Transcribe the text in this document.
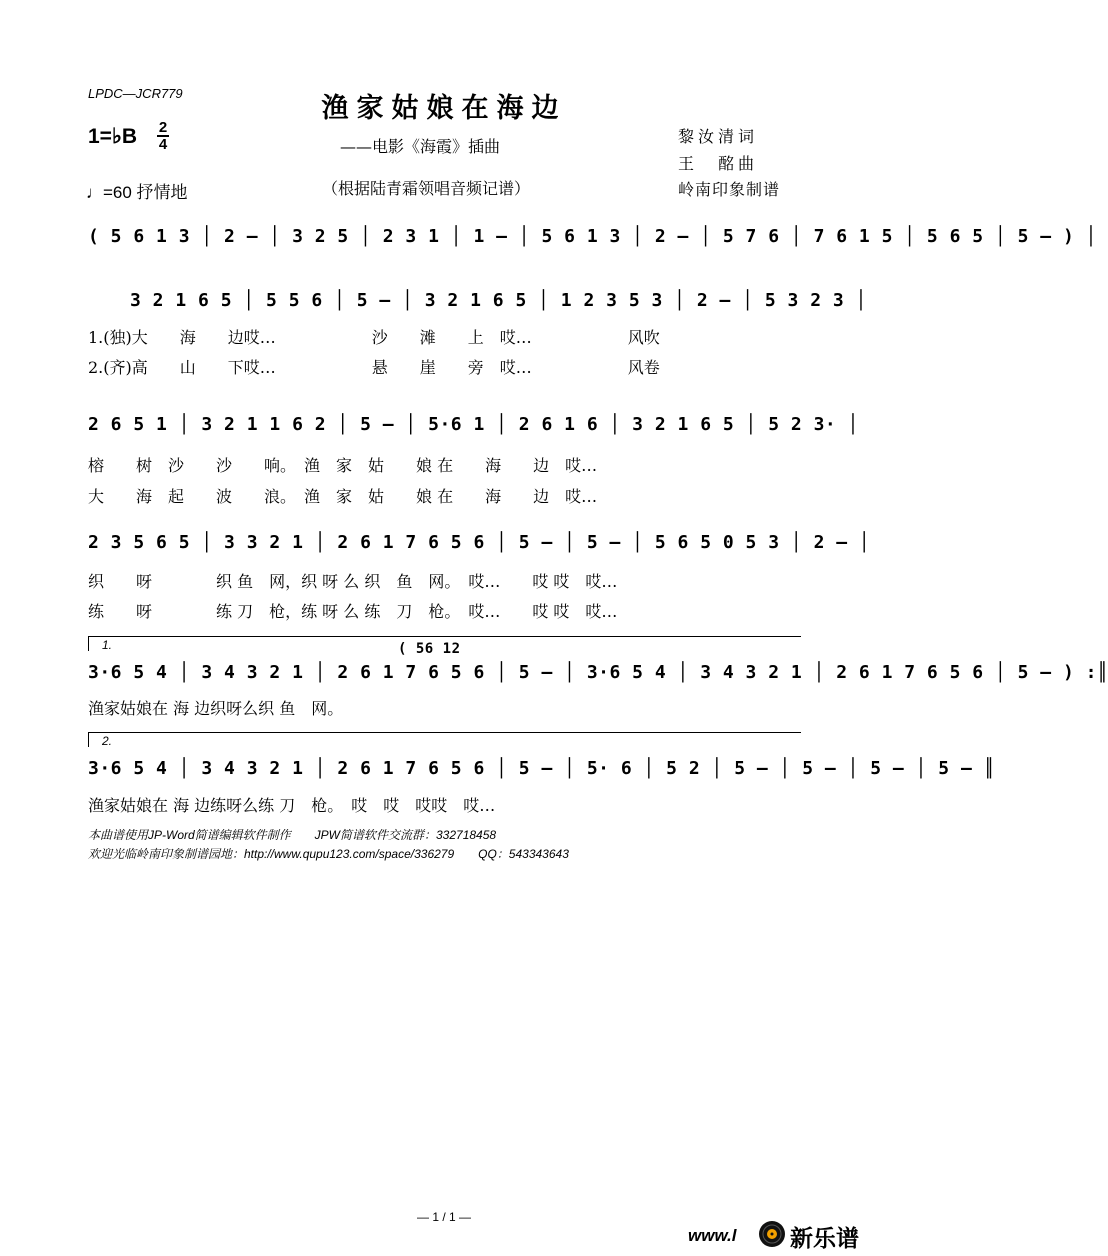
LPDC—JCR779	渔家姑娘在海边
1=♭B 2
4	——电影《海霞》插曲
黎汝清词
王　酩曲
岭南印象制谱
♩=60 抒情地	（根据陆青霜领唱音频记谱）
( 5 6 1 3 │ 2 – │ 3 2 5 │ 2 3 1 │ 1 – │ 5 6 1 3 │ 2 – │ 5 7 6 │ 7 6 1 5 │ 5 6 5 │ 5 – ) │
3 2 1 6 5 │ 5 5 6 │ 5 – │ 3 2 1 6 5 │ 1 2 3 5 3 │ 2 – │ 5 3 2 3 │
1.(独)大　　海　　边哎…　　　　　　沙　　滩　　上　哎…　　　　　　风吹
2.(齐)高　　山　　下哎…　　　　　　悬　　崖　　旁　哎…　　　　　　风卷
2 6 5 1 │ 3 2 1 1 6 2 │ 5 – │ 5·6 1 │ 2 6 1 6 │ 3 2 1 6 5 │ 5 2 3· │
榕　　树　沙　　沙　　响。　渔　家　姑　　娘 在　　海　　边　哎…
大　　海　起　　波　　浪。　渔　家　姑　　娘 在　　海　　边　哎…
2 3 5 6 5 │ 3 3 2 1 │ 2 6 1 7 6 5 6 │ 5 – │ 5 – │ 5 6 5 0 5 3 │ 2 – │
织　　呀　　　　织 鱼　网，织 呀 么 织　鱼　网。　哎…　　哎 哎　哎…
练　　呀　　　　练 刀　枪，练 呀 么 练　刀　枪。　哎…　　哎 哎　哎…
1.	( 56 12
3·6 5 4 │ 3 4 3 2 1 │ 2 6 1 7 6 5 6 │ 5 – │ 3·6 5 4 │ 3 4 3 2 1 │ 2 6 1 7 6 5 6 │ 5 – ) :║
渔家姑娘在 海 边织呀么织 鱼　网。
2.
3·6 5 4 │ 3 4 3 2 1 │ 2 6 1 7 6 5 6 │ 5 – │ 5· 6 │ 5 2 │ 5 – │ 5 – │ 5 – │ 5 – ║
渔家姑娘在 海 边练呀么练 刀　枪。　哎　哎　哎哎　哎…
本曲谱使用JP-Word简谱编辑软件制作　　JPW简谱软件交流群：332718458
欢迎光临岭南印象制谱园地：http://www.qupu123.com/space/336279　　QQ：543343643
— 1 / 1 —
www.l 新乐谱
